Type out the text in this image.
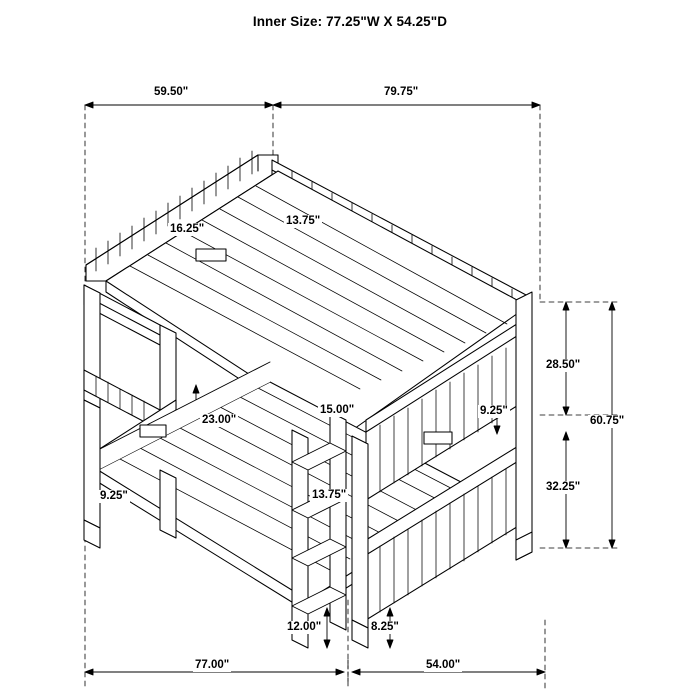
Inner Size: 77.25"W X 54.25"D
59.50"	79.75"
16.25"
13.75"
23.00"
15.00"
13.75"
9.25"
9.25"
28.50"
60.75"
32.25"
12.00"	8.25"
77.00"	54.00"
